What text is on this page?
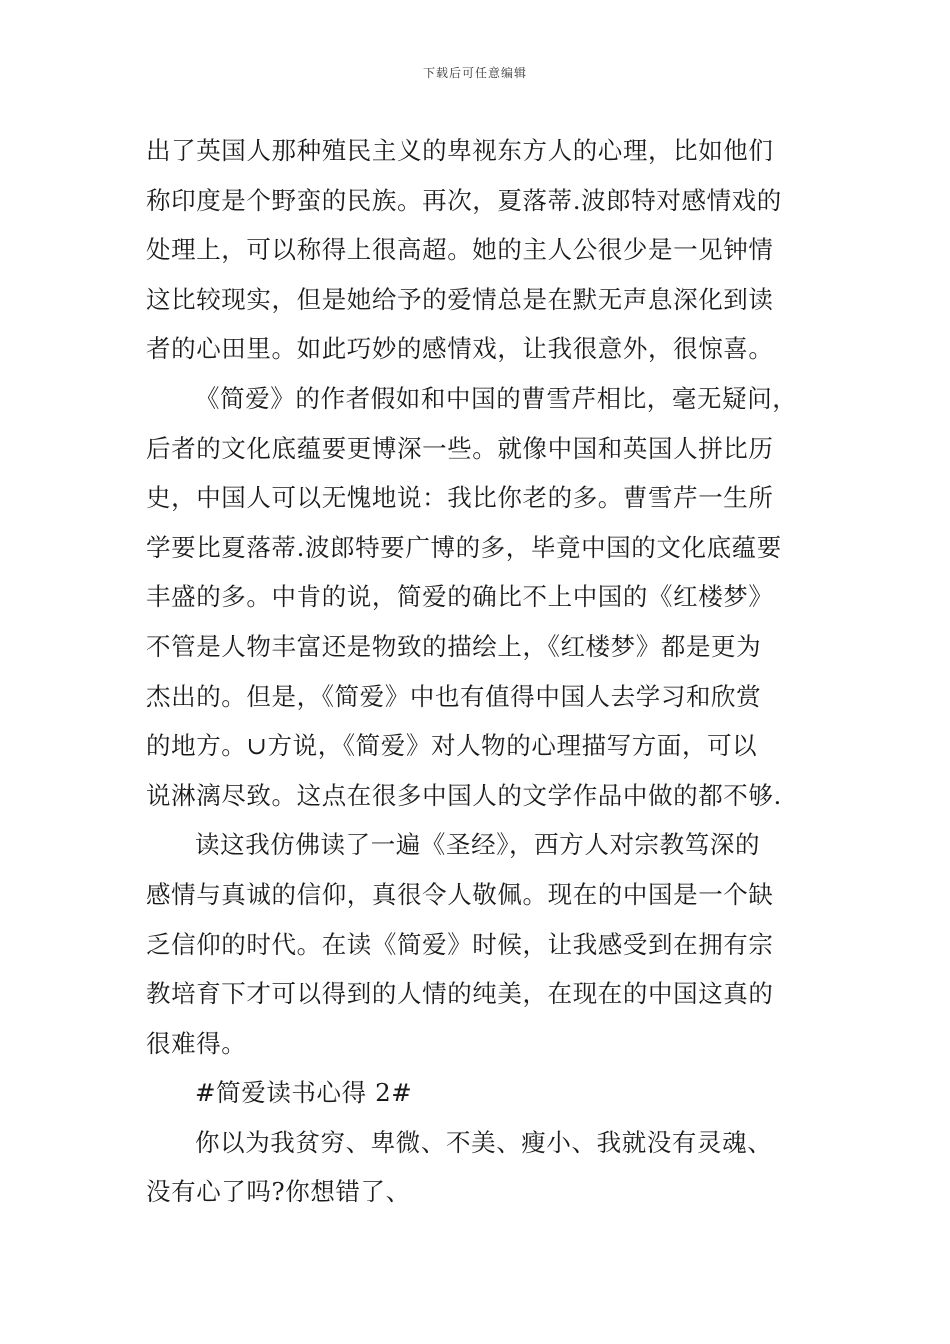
下载后可任意编辑
出了英国人那种殖民主义的卑视东方人的心理，比如他们
称印度是个野蛮的民族。再次，夏落蒂.波郎特对感情戏的
处理上，可以称得上很高超。她的主人公很少是一见钟情
这比较现实，但是她给予的爱情总是在默无声息深化到读
者的心田里。如此巧妙的感情戏，让我很意外，很惊喜。
《简爱》的作者假如和中国的曹雪芹相比，毫无疑问，
后者的文化底蕴要更博深一些。就像中国和英国人拼比历
史，中国人可以无愧地说：我比你老的多。曹雪芹一生所
学要比夏落蒂.波郎特要广博的多，毕竟中国的文化底蕴要
丰盛的多。中肯的说，简爱的确比不上中国的《红楼梦》
不管是人物丰富还是物致的描绘上，《红楼梦》都是更为
杰出的。但是，《简爱》中也有值得中国人去学习和欣赏
的地方。∪方说，《简爱》对人物的心理描写方面，可以
说淋漓尽致。这点在很多中国人的文学作品中做的都不够.
读这我仿佛读了一遍《圣经》，西方人对宗教笃深的
感情与真诚的信仰，真很令人敬佩。现在的中国是一个缺
乏信仰的时代。在读《简爱》时候，让我感受到在拥有宗
教培育下才可以得到的人情的纯美，在现在的中国这真的
很难得。
#简爱读书心得 2#
你以为我贫穷、卑微、不美、瘦小、我就没有灵魂、
没有心了吗?你想错了、
